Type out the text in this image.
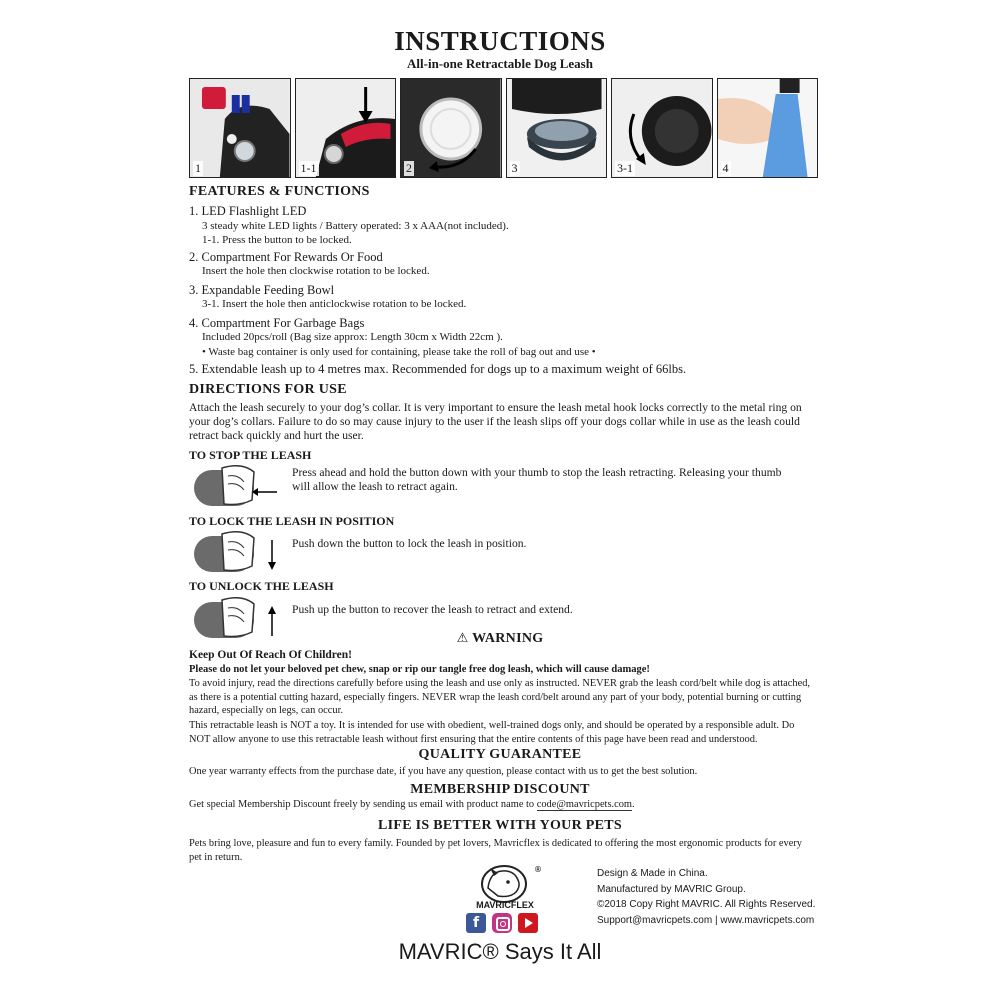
INSTRUCTIONS
All-in-one Retractable Dog Leash
1	1-1	2	3	3-1	4
FEATURES & FUNCTIONS
1. LED Flashlight LED
3 steady white LED lights / Battery operated: 3 x AAA(not included).
1-1. Press the button to be locked.
2. Compartment For Rewards Or Food
Insert the hole then clockwise rotation to be locked.
3. Expandable Feeding Bowl
3-1. Insert the hole then anticlockwise rotation to be locked.
4. Compartment For Garbage Bags
Included 20pcs/roll (Bag size approx: Length 30cm x Width 22cm ).
• Waste bag container is only used for containing, please take the roll of bag out and use •
5. Extendable leash up to 4 metres max. Recommended for dogs up to a maximum weight of 66lbs.
DIRECTIONS FOR USE
Attach the leash securely to your dog’s collar. It is very important to ensure the leash metal hook locks correctly to the metal ring on
your dog’s collars. Failure to do so may cause injury to the user if the leash slips off your dogs collar while in use as the leash could
retract back quickly and hurt the user.
TO STOP THE LEASH
Press ahead and hold the button down with your thumb to stop the leash retracting. Releasing your thumb
will allow the leash to retract again.
TO LOCK THE LEASH IN POSITION
Push down the button to lock the leash in position.
TO UNLOCK THE LEASH
Push up the button to recover the leash to retract and extend.
⚠ WARNING
Keep Out Of Reach Of Children!
Please do not let your beloved pet chew, snap or rip our tangle free dog leash, which will cause damage!
To avoid injury, read the directions carefully before using the leash and use only as instructed. NEVER grab the leash cord/belt while dog is attached,
as there is a potential cutting hazard, especially fingers. NEVER wrap the leash cord/belt around any part of your body, potential burning or cutting
hazard, especially on legs, can occur.
This retractable leash is NOT a toy. It is intended for use with obedient, well-trained dogs only, and should be operated by a responsible adult. Do
NOT allow anyone to use this retractable leash without first ensuring that the entire contents of this page have been read and understood.
QUALITY GUARANTEE
One year warranty effects from the purchase date, if you have any question, please contact with us to get the best solution.
MEMBERSHIP DISCOUNT
Get special Membership Discount freely by sending us email with product name to code@mavricpets.com.
LIFE IS BETTER WITH YOUR PETS
Pets bring love, pleasure and fun to every family. Founded by pet lovers, Mavricflex is dedicated to offering the most ergonomic products for every
pet in return.
®
MAVRICFLEX
f
Design & Made in China.
Manufactured by MAVRIC Group.
©2018 Copy Right MAVRIC. All Rights Reserved.
Support@mavricpets.com | www.mavricpets.com
MAVRIC® Says It All
